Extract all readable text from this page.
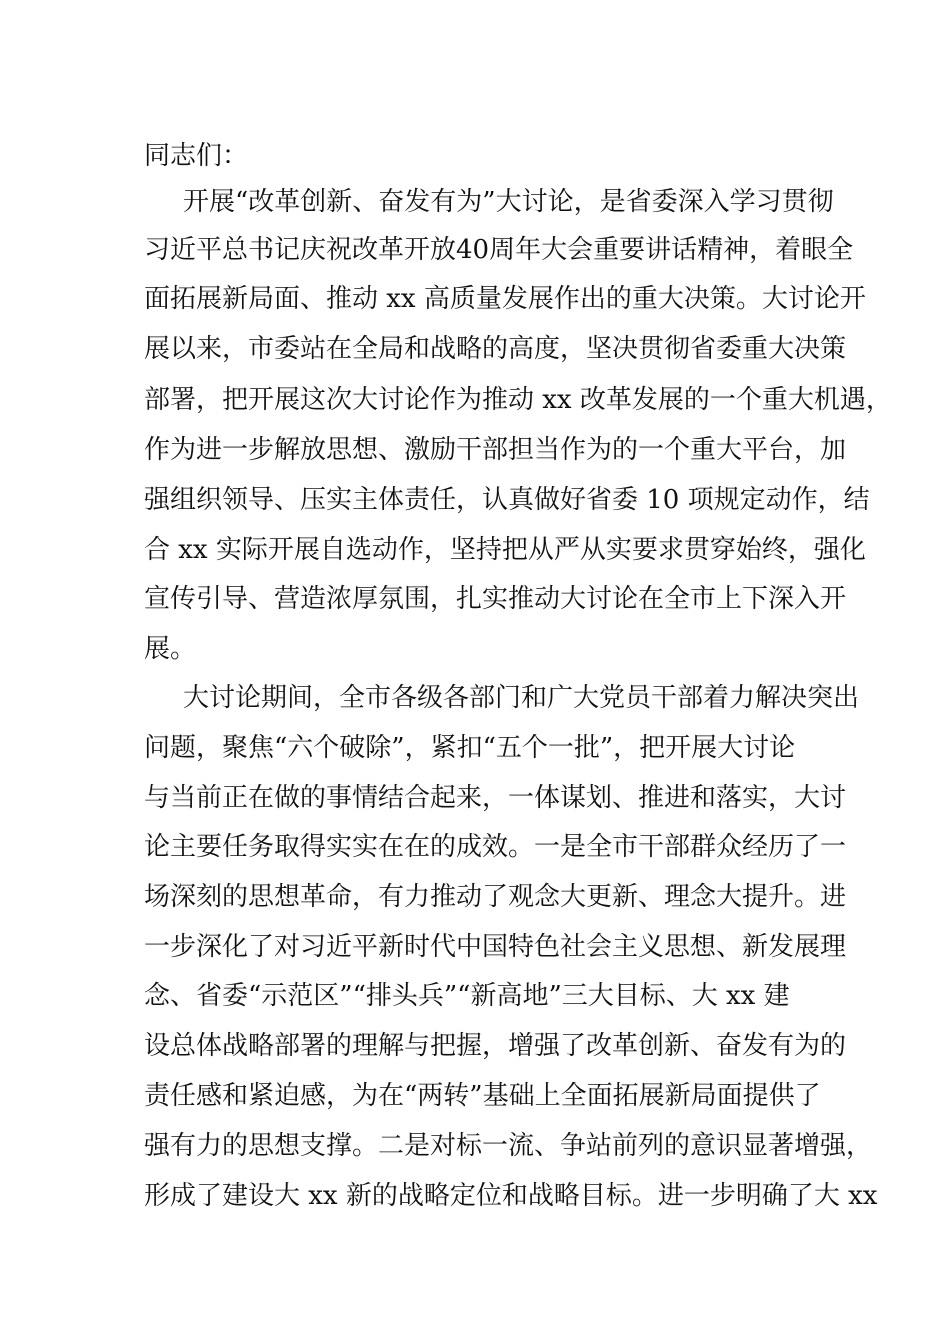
同志们：
开展“改革创新、奋发有为”大讨论，是省委深入学习贯彻
习近平总书记庆祝改革开放40周年大会重要讲话精神，着眼全
面拓展新局面、推动 xx 高质量发展作出的重大决策。大讨论开
展以来，市委站在全局和战略的高度，坚决贯彻省委重大决策
部署，把开展这次大讨论作为推动 xx 改革发展的一个重大机遇，
作为进一步解放思想、激励干部担当作为的一个重大平台，加
强组织领导、压实主体责任，认真做好省委 10 项规定动作，结
合 xx 实际开展自选动作，坚持把从严从实要求贯穿始终，强化
宣传引导、营造浓厚氛围，扎实推动大讨论在全市上下深入开
展。
大讨论期间，全市各级各部门和广大党员干部着力解决突出
问题，聚焦“六个破除”，紧扣“五个一批”，把开展大讨论
与当前正在做的事情结合起来，一体谋划、推进和落实，大讨
论主要任务取得实实在在的成效。一是全市干部群众经历了一
场深刻的思想革命，有力推动了观念大更新、理念大提升。进
一步深化了对习近平新时代中国特色社会主义思想、新发展理
念、省委“示范区”“排头兵”“新高地”三大目标、大 xx 建
设总体战略部署的理解与把握，增强了改革创新、奋发有为的
责任感和紧迫感，为在“两转”基础上全面拓展新局面提供了
强有力的思想支撑。二是对标一流、争站前列的意识显著增强，
形成了建设大 xx 新的战略定位和战略目标。进一步明确了大 xx
